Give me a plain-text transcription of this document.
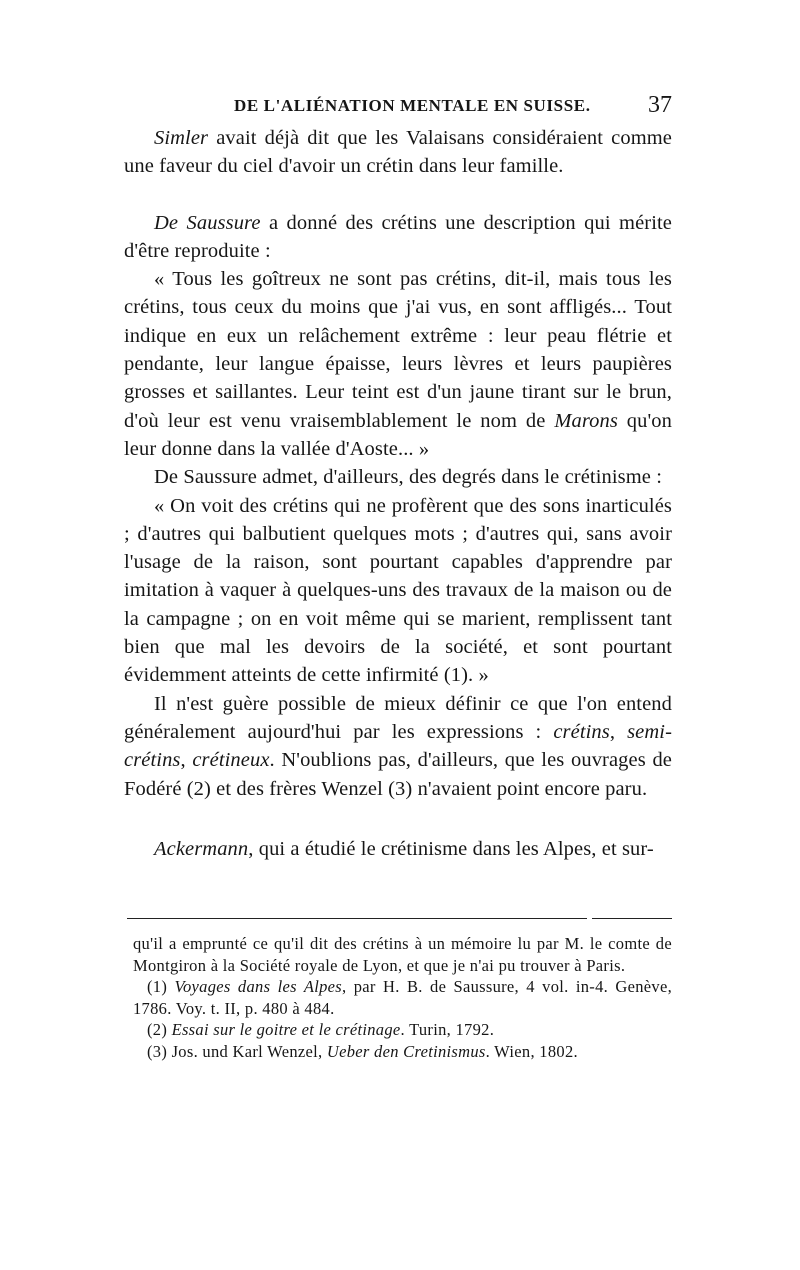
DE L'ALIÉNATION MENTALE EN SUISSE. 37

Simler avait déjà dit que les Valaisans considéraient comme une faveur du ciel d'avoir un crétin dans leur famille.

De Saussure a donné des crétins une description qui mérite d'être reproduite :

« Tous les goîtreux ne sont pas crétins, dit-il, mais tous les crétins, tous ceux du moins que j'ai vus, en sont affligés... Tout indique en eux un relâchement extrême : leur peau flétrie et pendante, leur langue épaisse, leurs lèvres et leurs paupières grosses et saillantes. Leur teint est d'un jaune tirant sur le brun, d'où leur est venu vraisemblablement le nom de Marons qu'on leur donne dans la vallée d'Aoste... »

De Saussure admet, d'ailleurs, des degrés dans le crétinisme :

« On voit des crétins qui ne profèrent que des sons inarticulés ; d'autres qui balbutient quelques mots ; d'autres qui, sans avoir l'usage de la raison, sont pourtant capables d'apprendre par imitation à vaquer à quelques-uns des travaux de la maison ou de la campagne ; on en voit même qui se marient, remplissent tant bien que mal les devoirs de la société, et sont pourtant évidemment atteints de cette infirmité (1). »

Il n'est guère possible de mieux définir ce que l'on entend généralement aujourd'hui par les expressions : crétins, semi-crétins, crétineux. N'oublions pas, d'ailleurs, que les ouvrages de Fodéré (2) et des frères Wenzel (3) n'avaient point encore paru.

Ackermann, qui a étudié le crétinisme dans les Alpes, et sur-

qu'il a emprunté ce qu'il dit des crétins à un mémoire lu par M. le comte de Montgiron à la Société royale de Lyon, et que je n'ai pu trouver à Paris.

(1) Voyages dans les Alpes, par H. B. de Saussure, 4 vol. in-4. Genève, 1786. Voy. t. II, p. 480 à 484.

(2) Essai sur le goitre et le crétinage. Turin, 1792.

(3) Jos. und Karl Wenzel, Ueber den Cretinismus. Wien, 1802.
